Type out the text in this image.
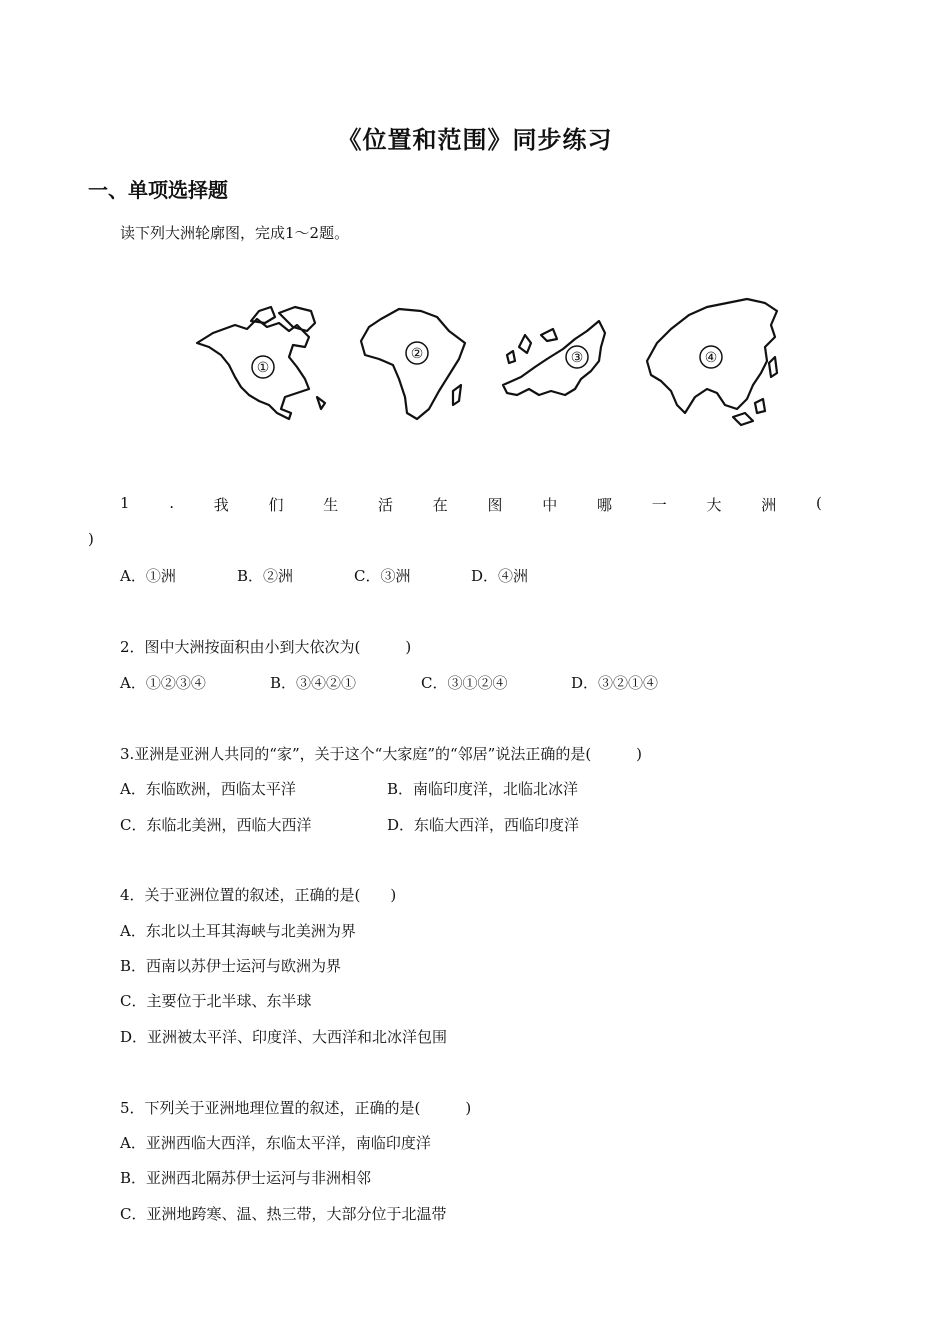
《位置和范围》同步练习
一、单项选择题
读下列大洲轮廓图，完成1～2题。
①
②	③	④
1	.	我	们	生	活	在	图	中	哪	一	大	洲	(
)
A．①洲	B．②洲	C．③洲	D．④洲
2．图中大洲按面积由小到大依次为(　　　)
A．①②③④	B．③④②①	C．③①②④	D．③②①④
3.亚洲是亚洲人共同的“家”，关于这个“大家庭”的“邻居”说法正确的是(　　　)
A．东临欧洲，西临太平洋	B．南临印度洋，北临北冰洋
C．东临北美洲，西临大西洋	D．东临大西洋，西临印度洋
4．关于亚洲位置的叙述，正确的是(　　)
A．东北以土耳其海峡与北美洲为界
B．西南以苏伊士运河与欧洲为界
C．主要位于北半球、东半球
D．亚洲被太平洋、印度洋、大西洋和北冰洋包围
5．下列关于亚洲地理位置的叙述，正确的是(　　　)
A．亚洲西临大西洋，东临太平洋，南临印度洋
B．亚洲西北隔苏伊士运河与非洲相邻
C．亚洲地跨寒、温、热三带，大部分位于北温带
